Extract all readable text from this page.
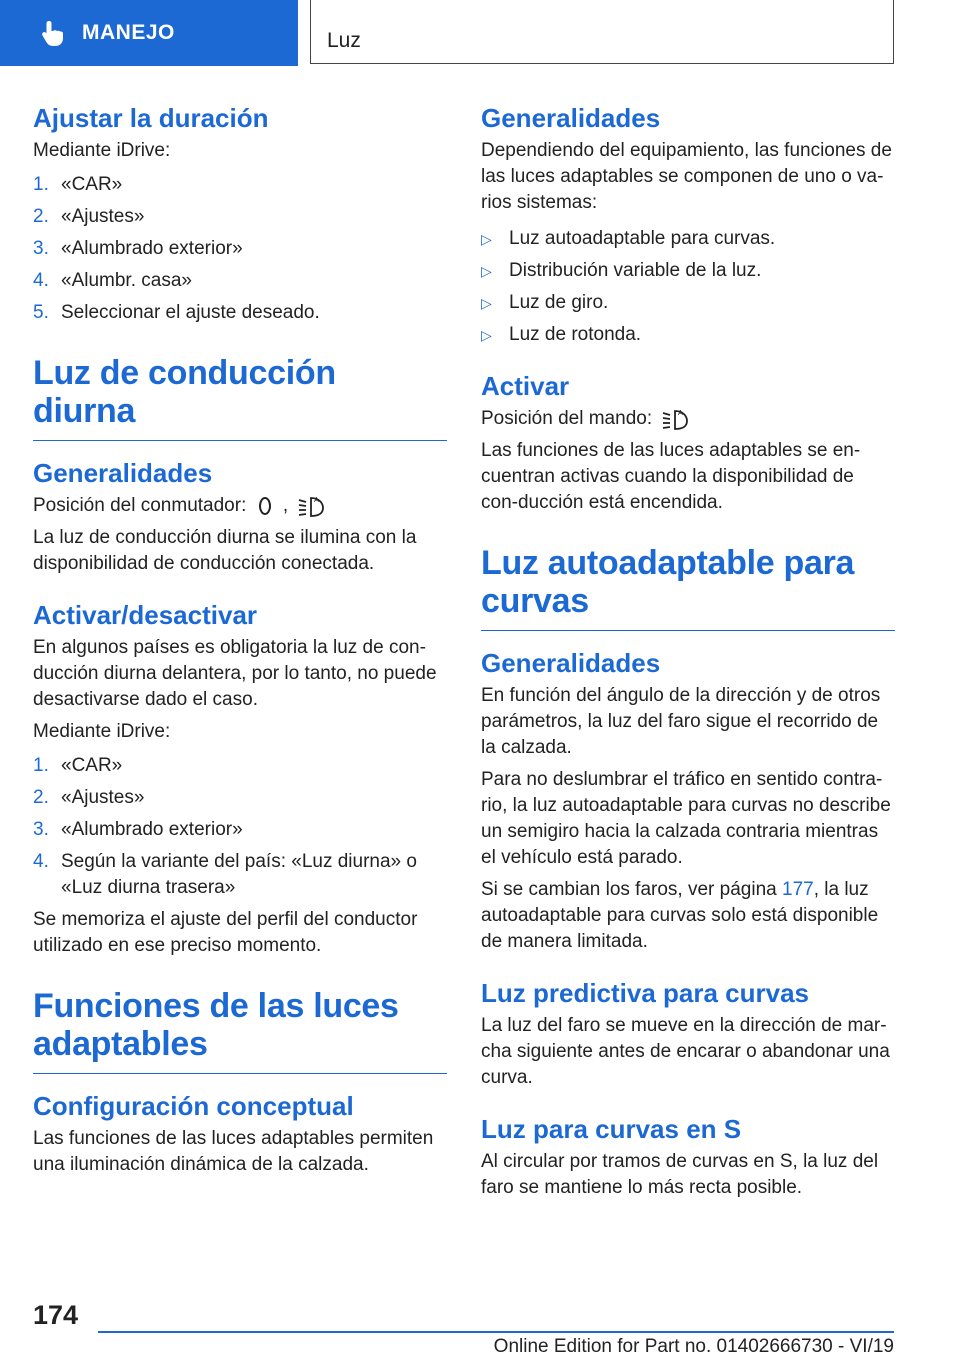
MANEJO	Luz
Ajustar la duración

Mediante iDrive:

1. «CAR»
2. «Ajustes»
3. «Alumbrado exterior»
4. «Alumbr. casa»
5. Seleccionar el ajuste deseado.
Luz de conducción diurna
Generalidades

Posición del conmutador: ,	A

La luz de conducción diurna se ilumina con la disponibilidad de conducción conectada.

Activar/desactivar

En algunos países es obligatoria la luz de con-ducción diurna delantera, por lo tanto, no puede desactivarse dado el caso.

Mediante iDrive:

1. «CAR»
2. «Ajustes»
3. «Alumbrado exterior»
4. Según la variante del país: «Luz diurna» o «Luz diurna trasera»

Se memoriza el ajuste del perfil del conductor utilizado en ese preciso momento.

Funciones de las luces adaptables
Configuración conceptual

Las funciones de las luces adaptables permiten una iluminación dinámica de la calzada.

Generalidades

Dependiendo del equipamiento, las funciones de las luces adaptables se componen de uno o va-rios sistemas:

▷ Luz autoadaptable para curvas.
▷ Distribución variable de la luz.
▷ Luz de giro.
▷ Luz de rotonda.
Activar

Posición del mando:	A

Las funciones de las luces adaptables se en-cuentran activas cuando la disponibilidad de con-ducción está encendida.

Luz autoadaptable para curvas
Generalidades

En función del ángulo de la dirección y de otros parámetros, la luz del faro sigue el recorrido de la calzada.

Para no deslumbrar el tráfico en sentido contra-rio, la luz autoadaptable para curvas no describe un semigiro hacia la calzada contraria mientras el vehículo está parado.

Si se cambian los faros, ver página 177, la luz autoadaptable para curvas solo está disponible de manera limitada.

Luz predictiva para curvas

La luz del faro se mueve en la dirección de mar-cha siguiente antes de encarar o abandonar una curva.

Luz para curvas en S

Al circular por tramos de curvas en S, la luz del faro se mantiene lo más recta posible.

174
Online Edition for Part no. 01402666730 - VI/19
